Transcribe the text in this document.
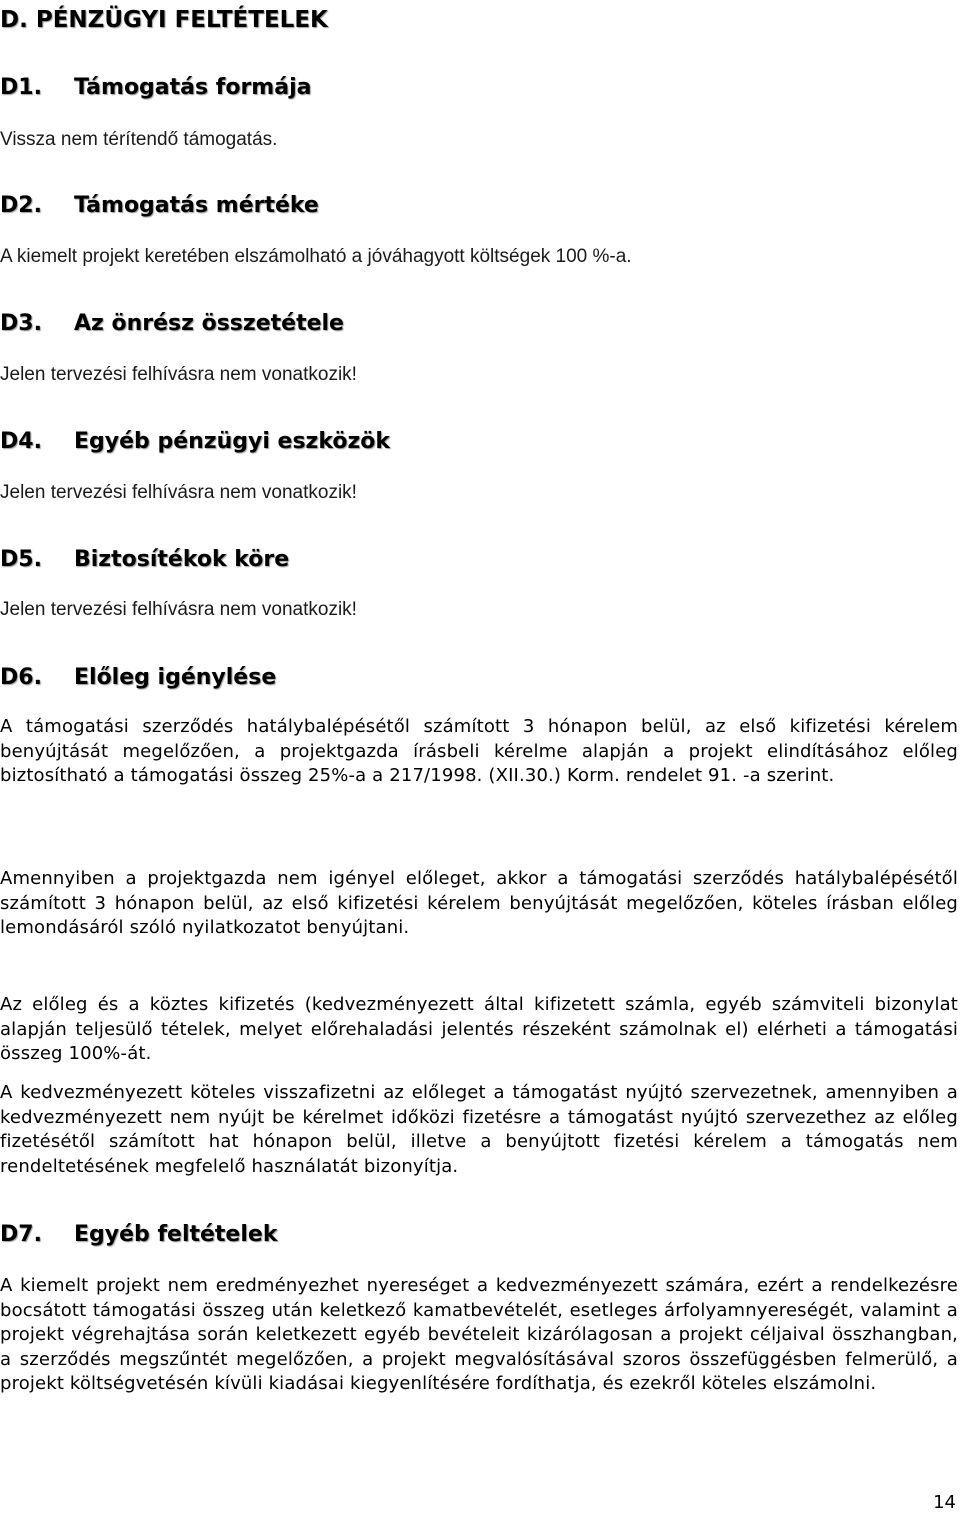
D. PÉNZÜGYI FELTÉTELEK
D1. Támogatás formája
Vissza nem térítendő támogatás.
D2. Támogatás mértéke
A kiemelt projekt keretében elszámolható a jóváhagyott költségek 100 %-a.
D3. Az önrész összetétele
Jelen tervezési felhívásra nem vonatkozik!
D4. Egyéb pénzügyi eszközök
Jelen tervezési felhívásra nem vonatkozik!
D5. Biztosítékok köre
Jelen tervezési felhívásra nem vonatkozik!
D6. Előleg igénylése
A támogatási szerződés hatálybalépésétől számított 3 hónapon belül, az első kifizetési kérelem benyújtását megelőzően, a projektgazda írásbeli kérelme alapján a projekt elindításához előleg biztosítható a támogatási összeg 25%-a a 217/1998. (XII.30.) Korm. rendelet 91. -a szerint.
Amennyiben a projektgazda nem igényel előleget, akkor a támogatási szerződés hatálybalépésétől számított 3 hónapon belül, az első kifizetési kérelem benyújtását megelőzően, köteles írásban előleg lemondásáról szóló nyilatkozatot benyújtani.
Az előleg és a köztes kifizetés (kedvezményezett által kifizetett számla, egyéb számviteli bizonylat alapján teljesülő tételek, melyet előrehaladási jelentés részeként számolnak el) elérheti a támogatási összeg 100%-át.
A kedvezményezett köteles visszafizetni az előleget a támogatást nyújtó szervezetnek, amennyiben a kedvezményezett nem nyújt be kérelmet időközi fizetésre a támogatást nyújtó szervezethez az előleg fizetésétől számított hat hónapon belül, illetve a benyújtott fizetési kérelem a támogatás nem rendeltetésének megfelelő használatát bizonyítja.
D7. Egyéb feltételek
A kiemelt projekt nem eredményezhet nyereséget a kedvezményezett számára, ezért a rendelkezésre bocsátott támogatási összeg után keletkező kamatbevételét, esetleges árfolyamnyereségét, valamint a projekt végrehajtása során keletkezett egyéb bevételeit kizárólagosan a projekt céljaival összhangban, a szerződés megszűntét megelőzően, a projekt megvalósításával szoros összefüggésben felmerülő, a projekt költségvetésén kívüli kiadásai kiegyenlítésére fordíthatja, és ezekről köteles elszámolni.
14
